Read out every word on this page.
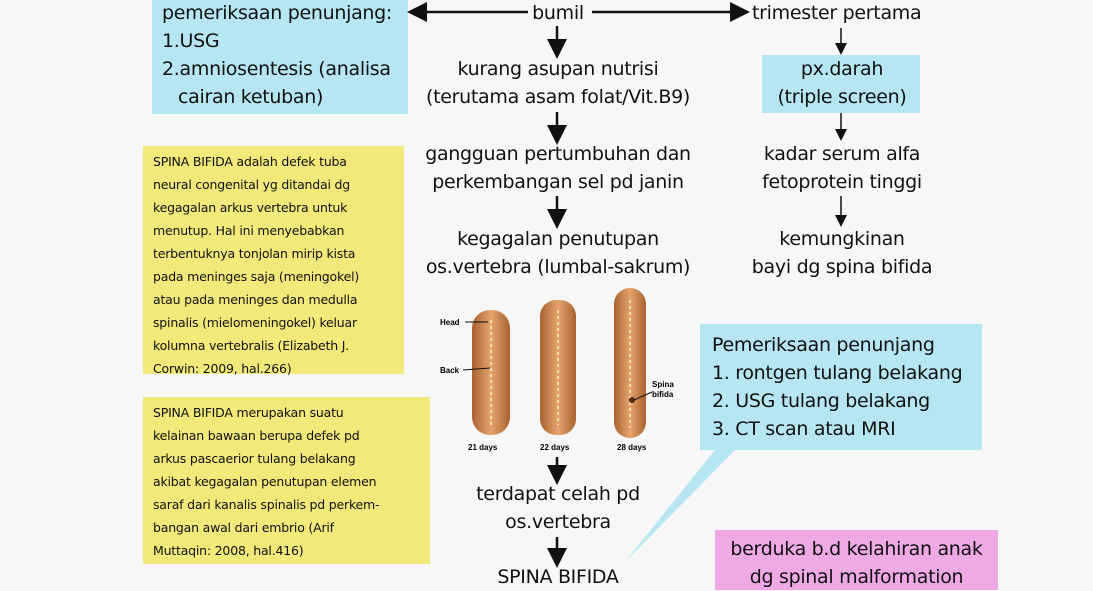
pemeriksaan penunjang:
1.USG
2.amniosentesis (analisa
cairan ketuban)
bumil	trimester pertama
kurang asupan nutrisi
(terutama asam folat/Vit.B9)
gangguan pertumbuhan dan
perkembangan sel pd janin
kegagalan penutupan
os.vertebra (lumbal-sakrum)
terdapat celah pd
os.vertebra
SPINA BIFIDA
px.darah
(triple screen)
kadar serum alfa
fetoprotein tinggi
kemungkinan
bayi dg spina bifida
SPINA BIFIDA adalah defek tuba
neural congenital yg ditandai dg
kegagalan arkus vertebra untuk
menutup. Hal ini menyebabkan
terbentuknya tonjolan mirip kista
pada meninges saja (meningokel)
atau pada meninges dan medulla
spinalis (mielomeningokel) keluar
kolumna vertebralis (Elizabeth J.
Corwin: 2009, hal.266)
SPINA BIFIDA merupakan suatu
kelainan bawaan berupa defek pd
arkus pascaerior tulang belakang
akibat kegagalan penutupan elemen
saraf dari kanalis spinalis pd perkem-
bangan awal dari embrio (Arif
Muttaqin: 2008, hal.416)
Head
Back
Spina
bifida
21 days	22 days	28 days
Pemeriksaan penunjang
1. rontgen tulang belakang
2. USG tulang belakang
3. CT scan atau MRI
berduka b.d kelahiran anak
dg spinal malformation
